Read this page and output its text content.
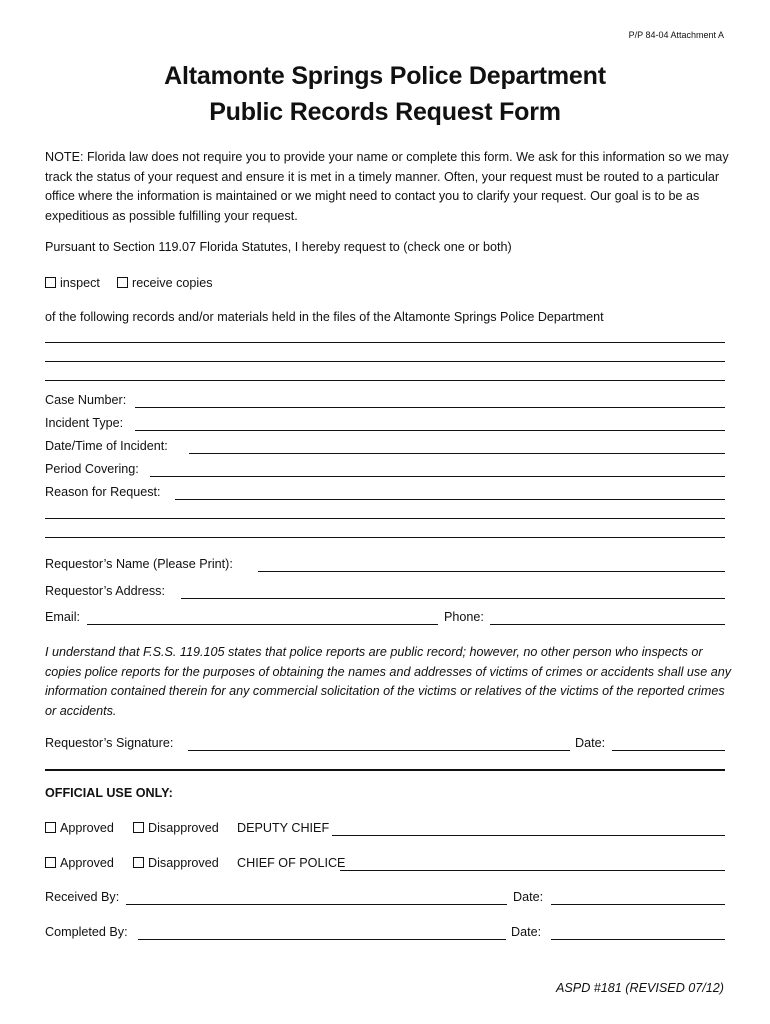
P/P 84-04 Attachment A
Altamonte Springs Police Department
Public Records Request Form
NOTE: Florida law does not require you to provide your name or complete this form. We ask for this information so we may track the status of your request and ensure it is met in a timely manner. Often, your request must be routed to a particular office where the information is maintained or we might need to contact you to clarify your request. Our goal is to be as expeditious as possible fulfilling your request.
Pursuant to Section 119.07 Florida Statutes, I hereby request to (check one or both)
inspect	receive copies
of the following records and/or materials held in the files of the Altamonte Springs Police Department
Case Number:
Incident Type:
Date/Time of Incident:
Period Covering:
Reason for Request:
Requestor’s Name (Please Print):
Requestor’s Address:
Email:	Phone:
I understand that F.S.S. 119.105 states that police reports are public record; however, no other person who inspects or copies police reports for the purposes of obtaining the names and addresses of victims of crimes or accidents shall use any information contained therein for any commercial solicitation of the victims or relatives of the victims of the reported crimes or accidents.
Requestor’s Signature:	Date:
OFFICIAL USE ONLY:
Approved	Disapproved DEPUTY CHIEF
Approved	Disapproved CHIEF OF POLICE
Received By:	Date:
Completed By:	Date:
ASPD #181 (REVISED 07/12)
